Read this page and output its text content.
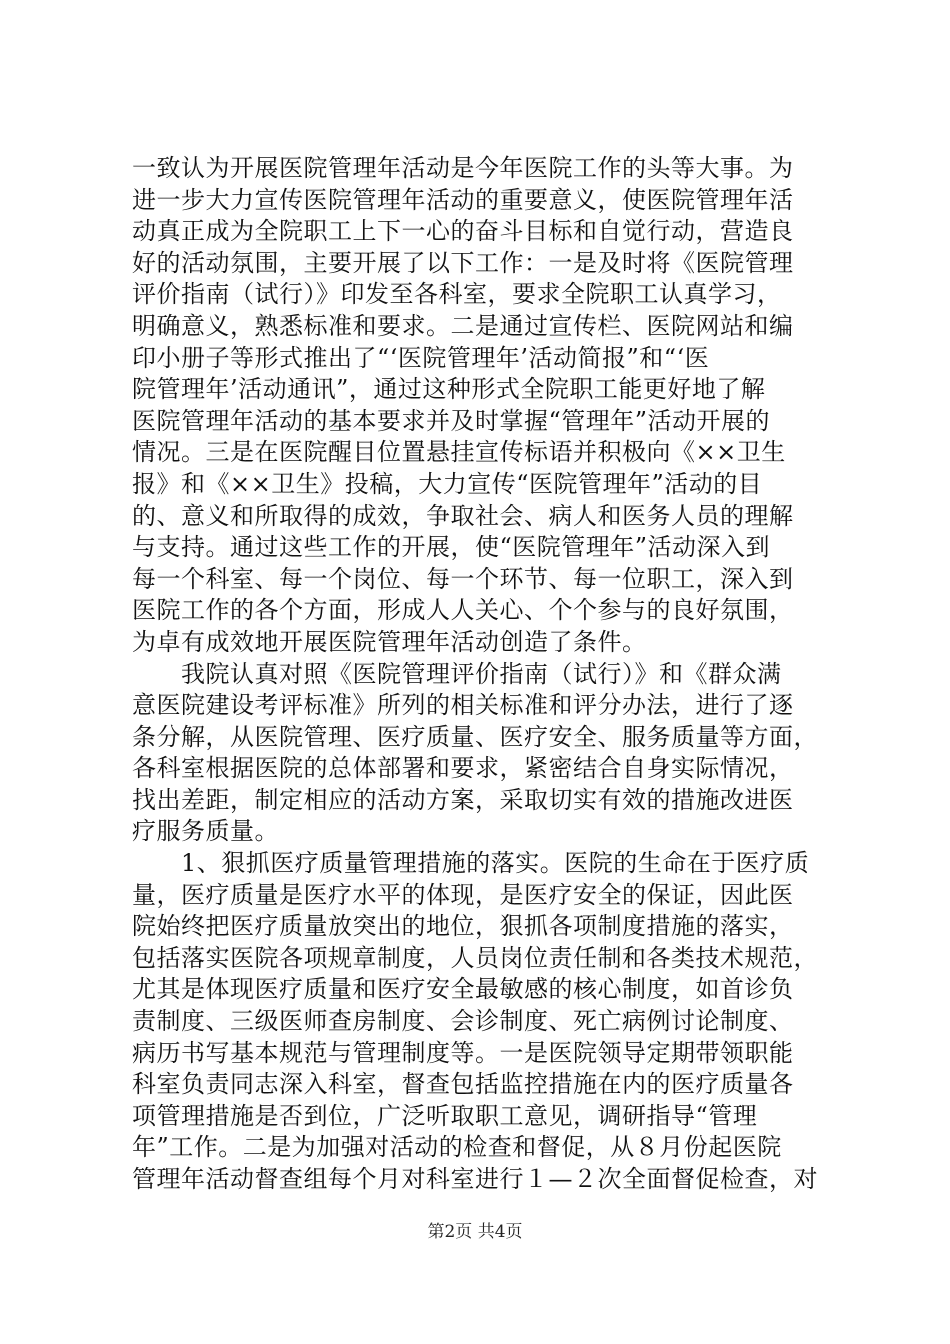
一致认为开展医院管理年活动是今年医院工作的头等大事。为
进一步大力宣传医院管理年活动的重要意义，使医院管理年活
动真正成为全院职工上下一心的奋斗目标和自觉行动，营造良
好的活动氛围，主要开展了以下工作：一是及时将《医院管理
评价指南（试行）》印发至各科室，要求全院职工认真学习，
明确意义，熟悉标准和要求。二是通过宣传栏、医院网站和编
印小册子等形式推出了“‘医院管理年’活动简报”和“‘医
院管理年’活动通讯”，通过这种形式全院职工能更好地了解
医院管理年活动的基本要求并及时掌握“管理年”活动开展的
情况。三是在医院醒目位置悬挂宣传标语并积极向《××卫生
报》和《××卫生》投稿，大力宣传“医院管理年”活动的目
的、意义和所取得的成效，争取社会、病人和医务人员的理解
与支持。通过这些工作的开展，使“医院管理年”活动深入到
每一个科室、每一个岗位、每一个环节、每一位职工，深入到
医院工作的各个方面，形成人人关心、个个参与的良好氛围，
为卓有成效地开展医院管理年活动创造了条件。
　　我院认真对照《医院管理评价指南（试行）》和《群众满
意医院建设考评标准》所列的相关标准和评分办法，进行了逐
条分解，从医院管理、医疗质量、医疗安全、服务质量等方面，
各科室根据医院的总体部署和要求，紧密结合自身实际情况，
找出差距，制定相应的活动方案，采取切实有效的措施改进医
疗服务质量。
　　1、狠抓医疗质量管理措施的落实。医院的生命在于医疗质
量，医疗质量是医疗水平的体现，是医疗安全的保证，因此医
院始终把医疗质量放突出的地位，狠抓各项制度措施的落实，
包括落实医院各项规章制度，人员岗位责任制和各类技术规范，
尤其是体现医疗质量和医疗安全最敏感的核心制度，如首诊负
责制度、三级医师查房制度、会诊制度、死亡病例讨论制度、
病历书写基本规范与管理制度等。一是医院领导定期带领职能
科室负责同志深入科室，督查包括监控措施在内的医疗质量各
项管理措施是否到位，广泛听取职工意见，调研指导“管理
年”工作。二是为加强对活动的检查和督促，从８月份起医院
管理年活动督查组每个月对科室进行１—２次全面督促检查，对
第2页 共4页
